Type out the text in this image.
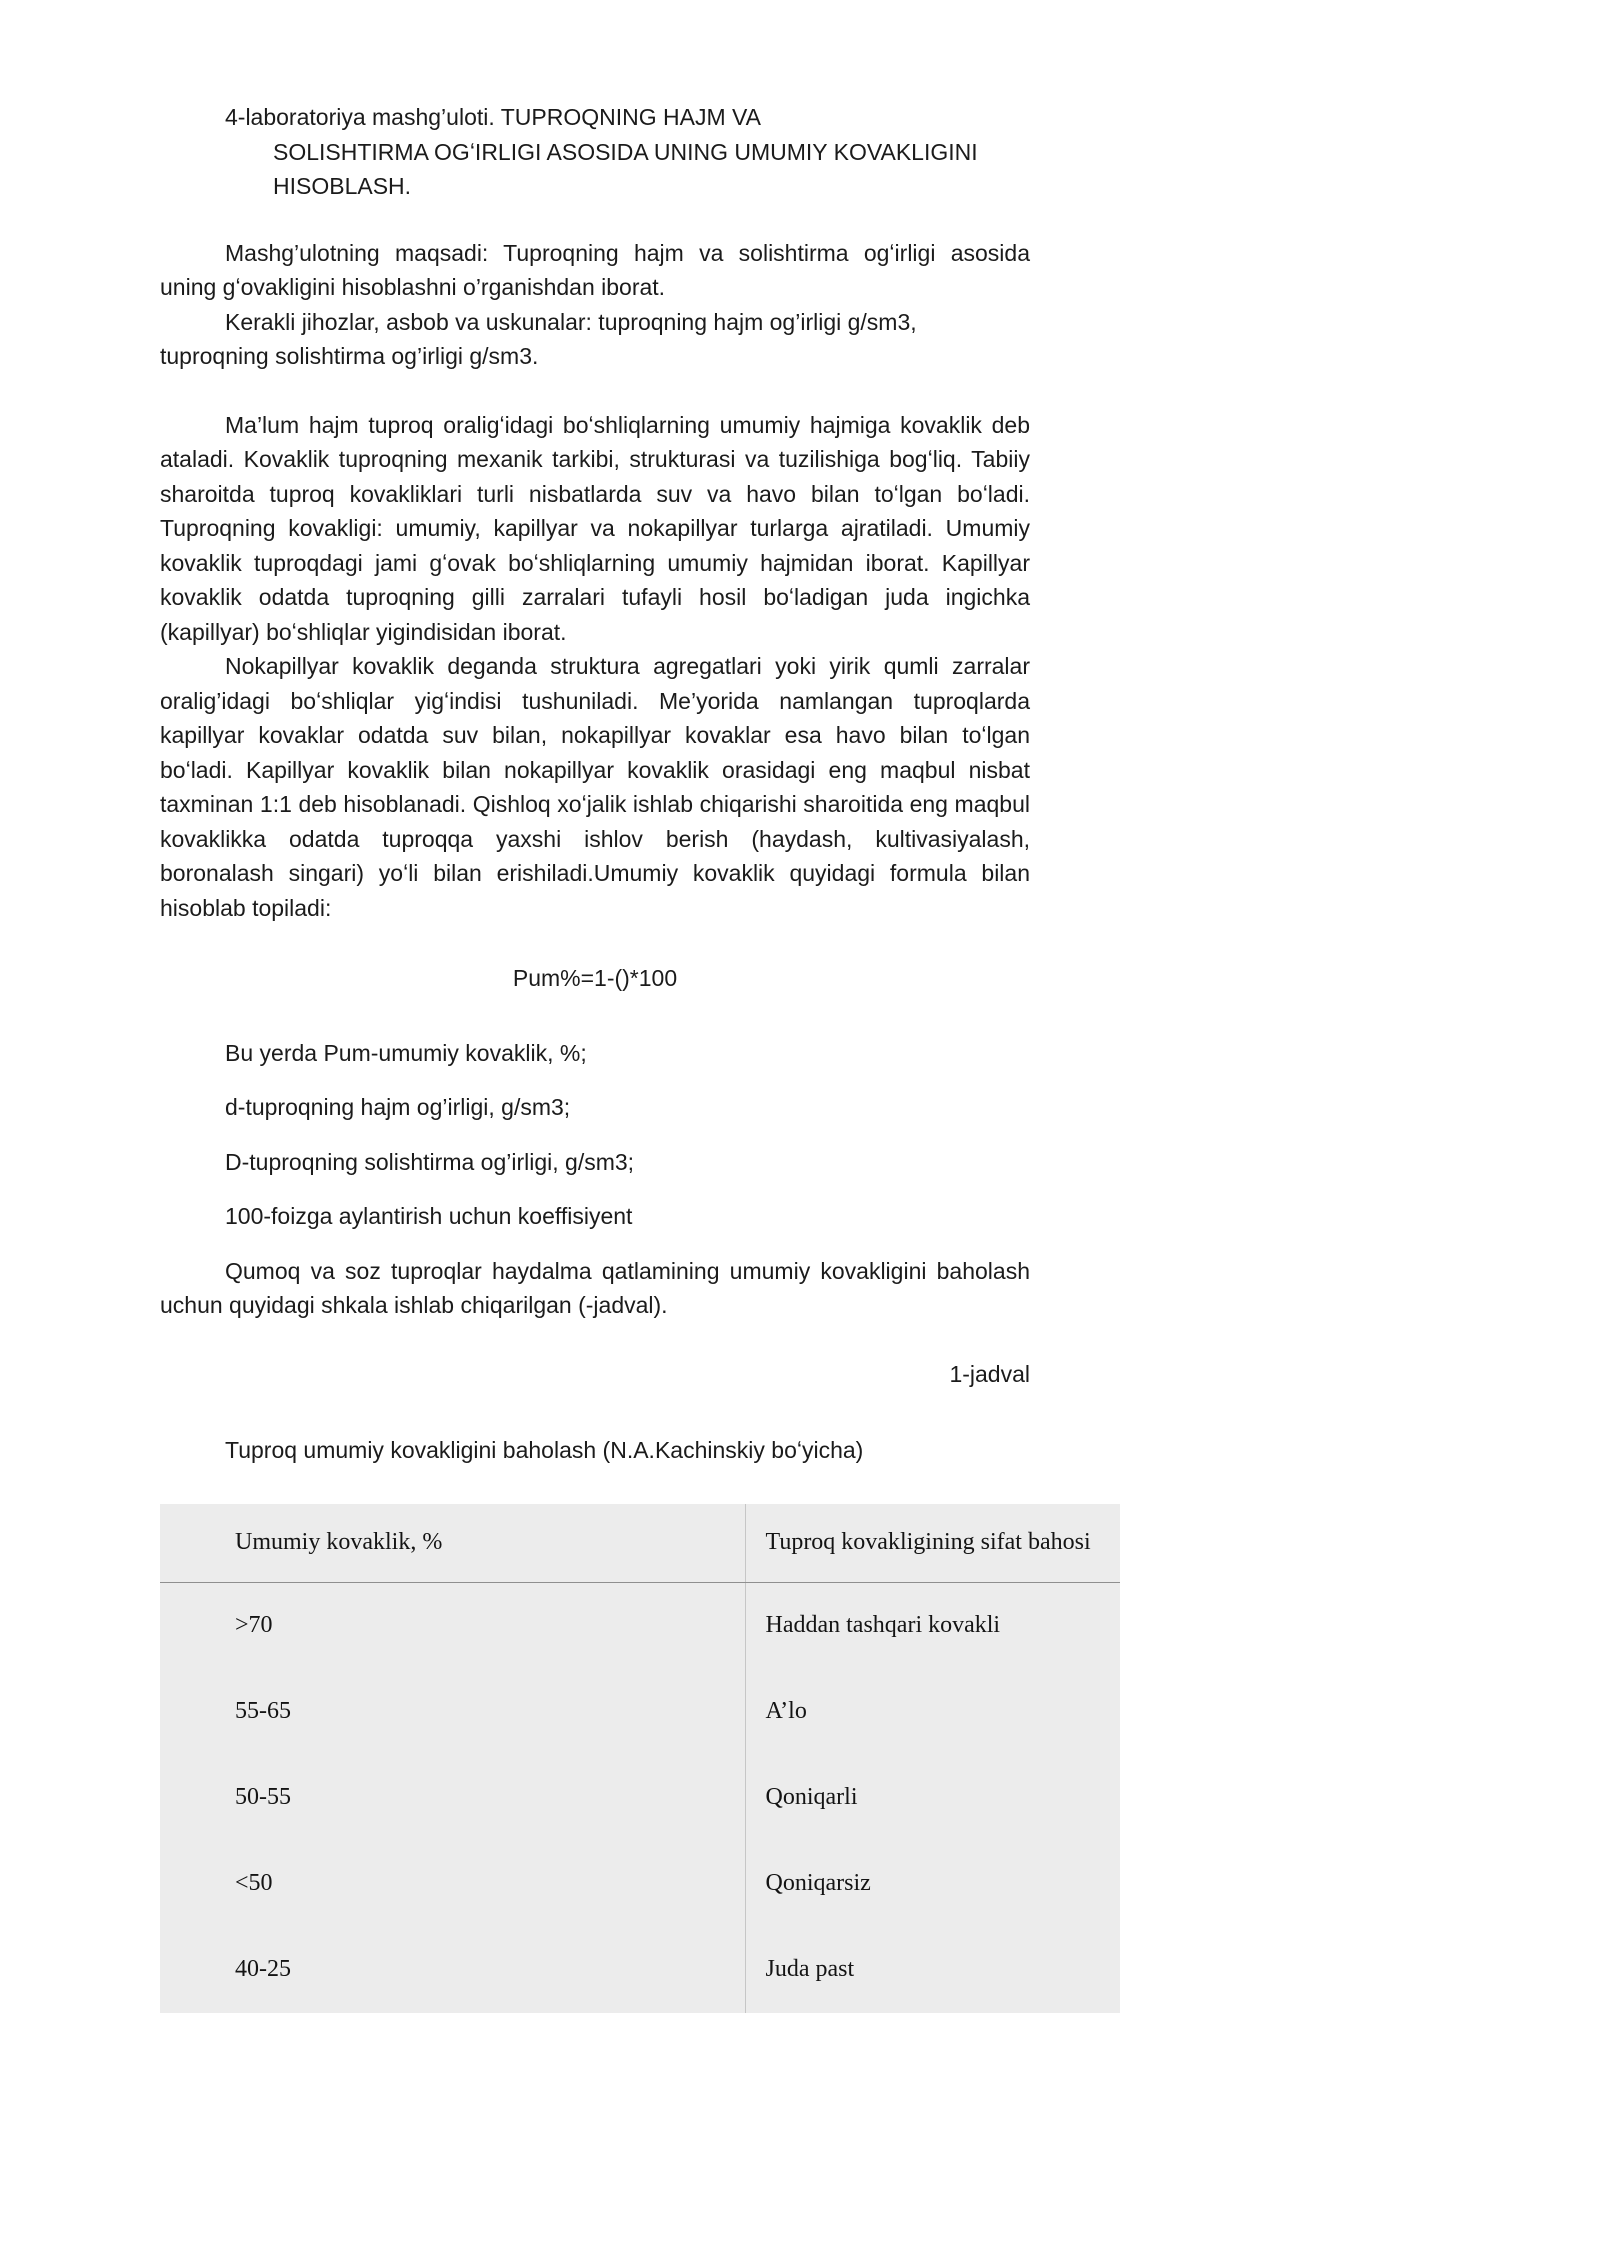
4-laboratoriya mashg’uloti. TUPROQNING HAJM VA
SOLISHTIRMA OGʻIRLIGI ASOSIDA UNING UMUMIY KOVAKLIGINI HISOBLASH.

Mashg’ulotning maqsadi: Tuproqning hajm va solishtirma ogʻirligi asosida uning gʻovakligini hisoblashni o’rganishdan iborat.

Kerakli jihozlar, asbob va uskunalar: tuproqning hajm og’irligi g/sm3,
tuproqning solishtirma og’irligi g/sm3.

Ma’lum hajm tuproq oraligʻidagi boʻshliqlarning umumiy hajmiga kovaklik deb ataladi. Kovaklik tuproqning mexanik tarkibi, strukturasi va tuzilishiga bogʻliq. Tabiiy sharoitda tuproq kovakliklari turli nisbatlarda suv va havo bilan toʻlgan boʻladi. Tuproqning kovakligi: umumiy, kapillyar va nokapillyar turlarga ajratiladi. Umumiy kovaklik tuproqdagi jami gʻovak boʻshliqlarning umumiy hajmidan iborat. Kapillyar kovaklik odatda tuproqning gilli zarralari tufayli hosil boʻladigan juda ingichka (kapillyar) boʻshliqlar yigindisidan iborat.

Nokapillyar kovaklik deganda struktura agregatlari yoki yirik qumli zarralar oralig’idagi boʻshliqlar yigʻindisi tushuniladi. Me’yorida namlangan tuproqlarda kapillyar kovaklar odatda suv bilan, nokapillyar kovaklar esa havo bilan toʻlgan boʻladi. Kapillyar kovaklik bilan nokapillyar kovaklik orasidagi eng maqbul nisbat taxminan 1:1 deb hisoblanadi. Qishloq xoʻjalik ishlab chiqarishi sharoitida eng maqbul kovaklikka odatda tuproqqa yaxshi ishlov berish (haydash, kultivasiyalash, boronalash singari) yoʻli bilan erishiladi.Umumiy kovaklik quyidagi formula bilan hisoblab topiladi:

Pum%=1-()*100
Bu yerda Pum-umumiy kovaklik, %;
d-tuproqning hajm og’irligi, g/sm3;
D-tuproqning solishtirma og’irligi, g/sm3;
100-foizga aylantirish uchun koeffisiyent

Qumoq va soz tuproqlar haydalma qatlamining umumiy kovakligini baholash uchun quyidagi shkala ishlab chiqarilgan (-jadval).

1-jadval
Tuproq umumiy kovakligini baholash (N.A.Kachinskiy boʻyicha)
Umumiy kovaklik, %	Tuproq kovakligining sifat bahosi
>70	Haddan tashqari kovakli
55-65	A’lo
50-55	Qoniqarli
<50	Qoniqarsiz
40-25	Juda past
